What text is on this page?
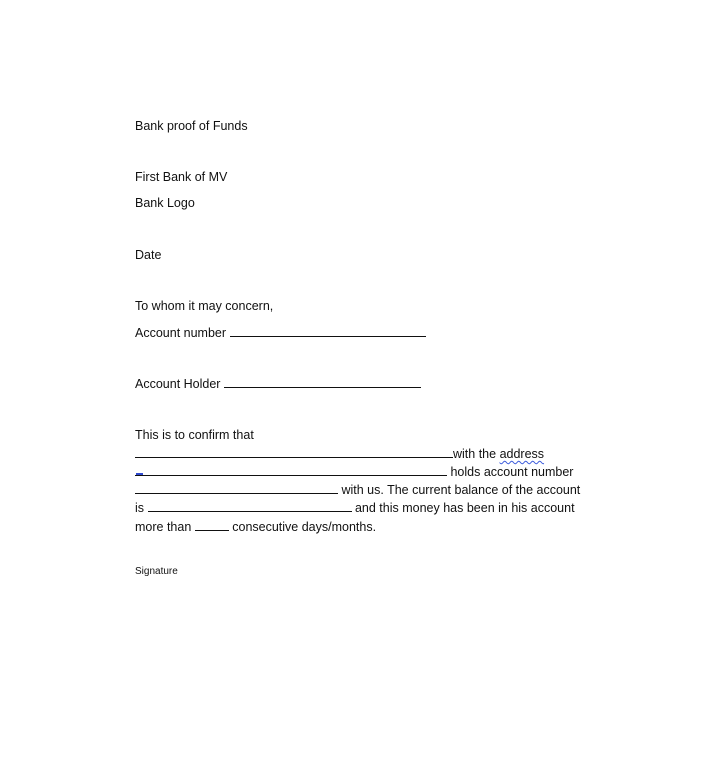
Bank proof of Funds
First Bank of MV
Bank Logo
Date
To whom it may concern,
Account number
Account Holder
This is to confirm that
with the address
holds account number
with us. The current balance of the account
is	and this money has been in his account
more than	consecutive days/months.
Signature
